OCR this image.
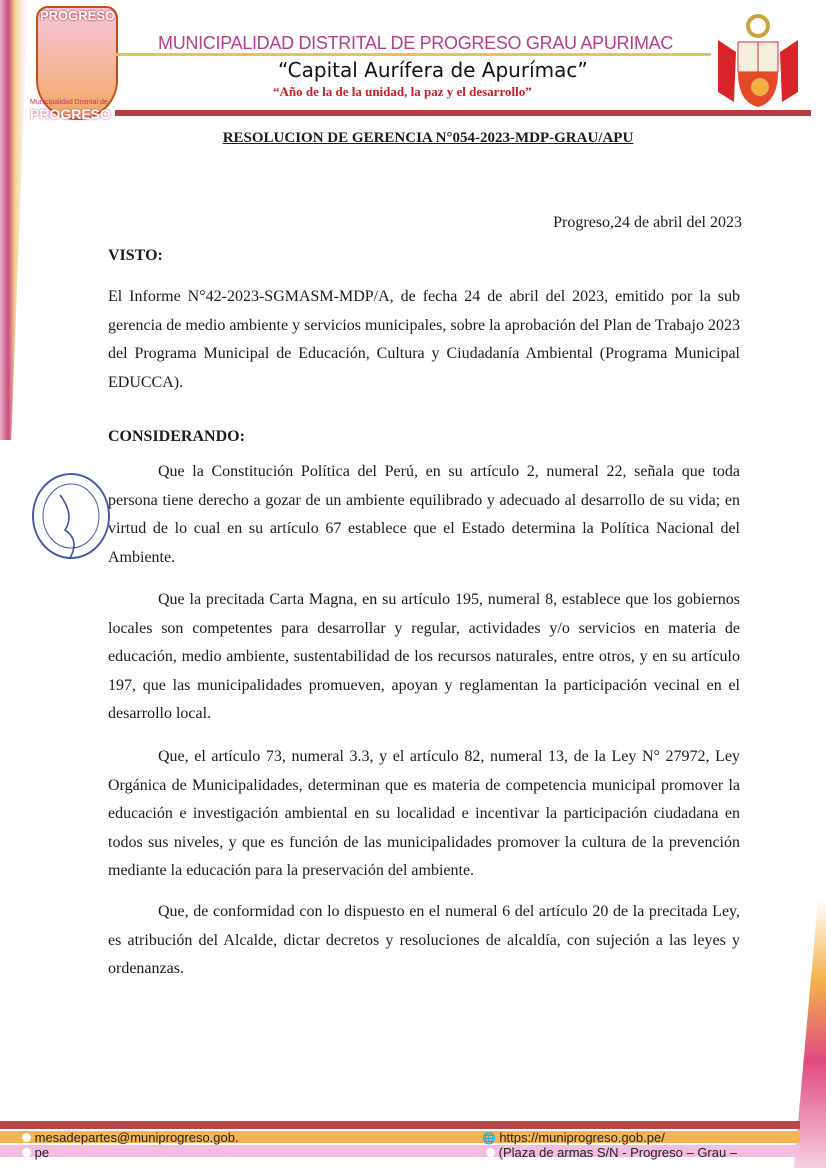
PROGRESO
Municipalidad Distrital de
PROGRESO
MUNICIPALIDAD DISTRITAL DE PROGRESO GRAU APURIMAC
“Capital Aurífera de Apurímac”
“Año de la de la unidad, la paz y el desarrollo”
RESOLUCION DE GERENCIA N°054-2023-MDP-GRAU/APU
Progreso,24 de abril del 2023
VISTO:
El Informe N°42-2023-SGMASM-MDP/A, de fecha 24 de abril del 2023, emitido por la sub gerencia de medio ambiente y servicios municipales, sobre la aprobación del Plan de Trabajo 2023 del Programa Municipal de Educación, Cultura y Ciudadanía Ambiental (Programa Municipal EDUCCA).
CONSIDERANDO:
Que la Constitución Política del Perú, en su artículo 2, numeral 22, señala que toda persona tiene derecho a gozar de un ambiente equilibrado y adecuado al desarrollo de su vida; en virtud de lo cual en su artículo 67 establece que el Estado determina la Política Nacional del Ambiente.
Que la precitada Carta Magna, en su artículo 195, numeral 8, establece que los gobiernos locales son competentes para desarrollar y regular, actividades y/o servicios en materia de educación, medio ambiente, sustentabilidad de los recursos naturales, entre otros, y en su artículo 197, que las municipalidades promueven, apoyan y reglamentan la participación vecinal en el desarrollo local.
Que, el artículo 73, numeral 3.3, y el artículo 82, numeral 13, de la Ley N° 27972, Ley Orgánica de Municipalidades, determinan que es materia de competencia municipal promover la educación e investigación ambiental en su localidad e incentivar la participación ciudadana en todos sus niveles, y que es función de las municipalidades promover la cultura de la prevención mediante la educación para la preservación del ambiente.
Que, de conformidad con lo dispuesto en el numeral 6 del artículo 20 de la precitada Ley, es atribución del Alcalde, dictar decretos y resoluciones de alcaldía, con sujeción a las leyes y ordenanzas.
mesadepartes@muniprogreso.gob.
pe
🌐 https://muniprogreso.gob.pe/
(Plaza de armas S/N - Progreso – Grau –
